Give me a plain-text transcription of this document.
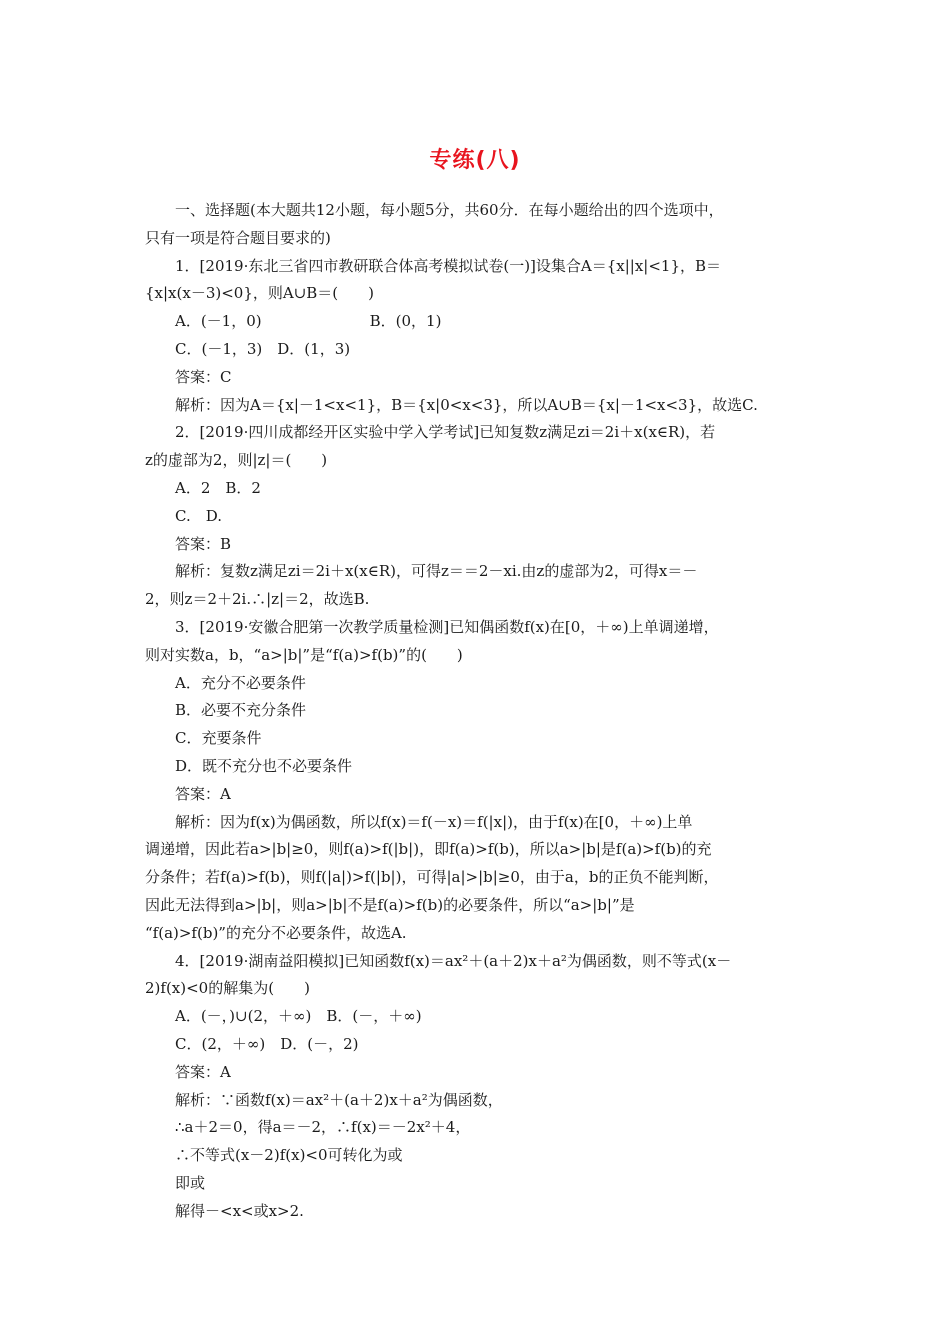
专练(八)

一、选择题(本大题共12小题，每小题5分，共60分．在每小题给出的四个选项中，

只有一项是符合题目要求的)

1．[2019·东北三省四市教研联合体高考模拟试卷(一)]设集合A＝{x||x|<1}，B＝

{x|x(x－3)<0}，则A∪B＝(　　)

A．(－1，0)	B．(0，1)

C．(－1，3)　D．(1，3)

答案：C

解析：因为A＝{x|－1<x<1}，B＝{x|0<x<3}，所以A∪B＝{x|－1<x<3}，故选C.

2．[2019·四川成都经开区实验中学入学考试]已知复数z满足zi＝2i＋x(x∈R)，若

z的虚部为2，则|z|＝(　　)

A．2　B．2

C.　D.

答案：B

解析：复数z满足zi＝2i＋x(x∈R)，可得z＝＝2－xi.由z的虚部为2，可得x＝－

2，则z＝2＋2i.∴|z|＝2，故选B.

3．[2019·安徽合肥第一次教学质量检测]已知偶函数f(x)在[0，＋∞)上单调递增，

则对实数a，b，“a>|b|”是“f(a)>f(b)”的(　　)

A．充分不必要条件

B．必要不充分条件

C．充要条件

D．既不充分也不必要条件

答案：A

解析：因为f(x)为偶函数，所以f(x)＝f(－x)＝f(|x|)，由于f(x)在[0，＋∞)上单

调递增，因此若a>|b|≥0，则f(a)>f(|b|)，即f(a)>f(b)，所以a>|b|是f(a)>f(b)的充

分条件；若f(a)>f(b)，则f(|a|)>f(|b|)，可得|a|>|b|≥0，由于a，b的正负不能判断，

因此无法得到a>|b|，则a>|b|不是f(a)>f(b)的必要条件，所以“a>|b|”是

“f(a)>f(b)”的充分不必要条件，故选A.

4．[2019·湖南益阳模拟]已知函数f(x)＝ax²＋(a＋2)x＋a²为偶函数，则不等式(x－

2)f(x)<0的解集为(　　)

A．(－，)∪(2，＋∞)　B．(－，＋∞)

C．(2，＋∞)　D．(－，2)

答案：A

解析：∵函数f(x)＝ax²＋(a＋2)x＋a²为偶函数，

∴a＋2＝0，得a＝－2，∴f(x)＝－2x²＋4，

∴不等式(x－2)f(x)<0可转化为或

即或

解得－<x<或x>2.
